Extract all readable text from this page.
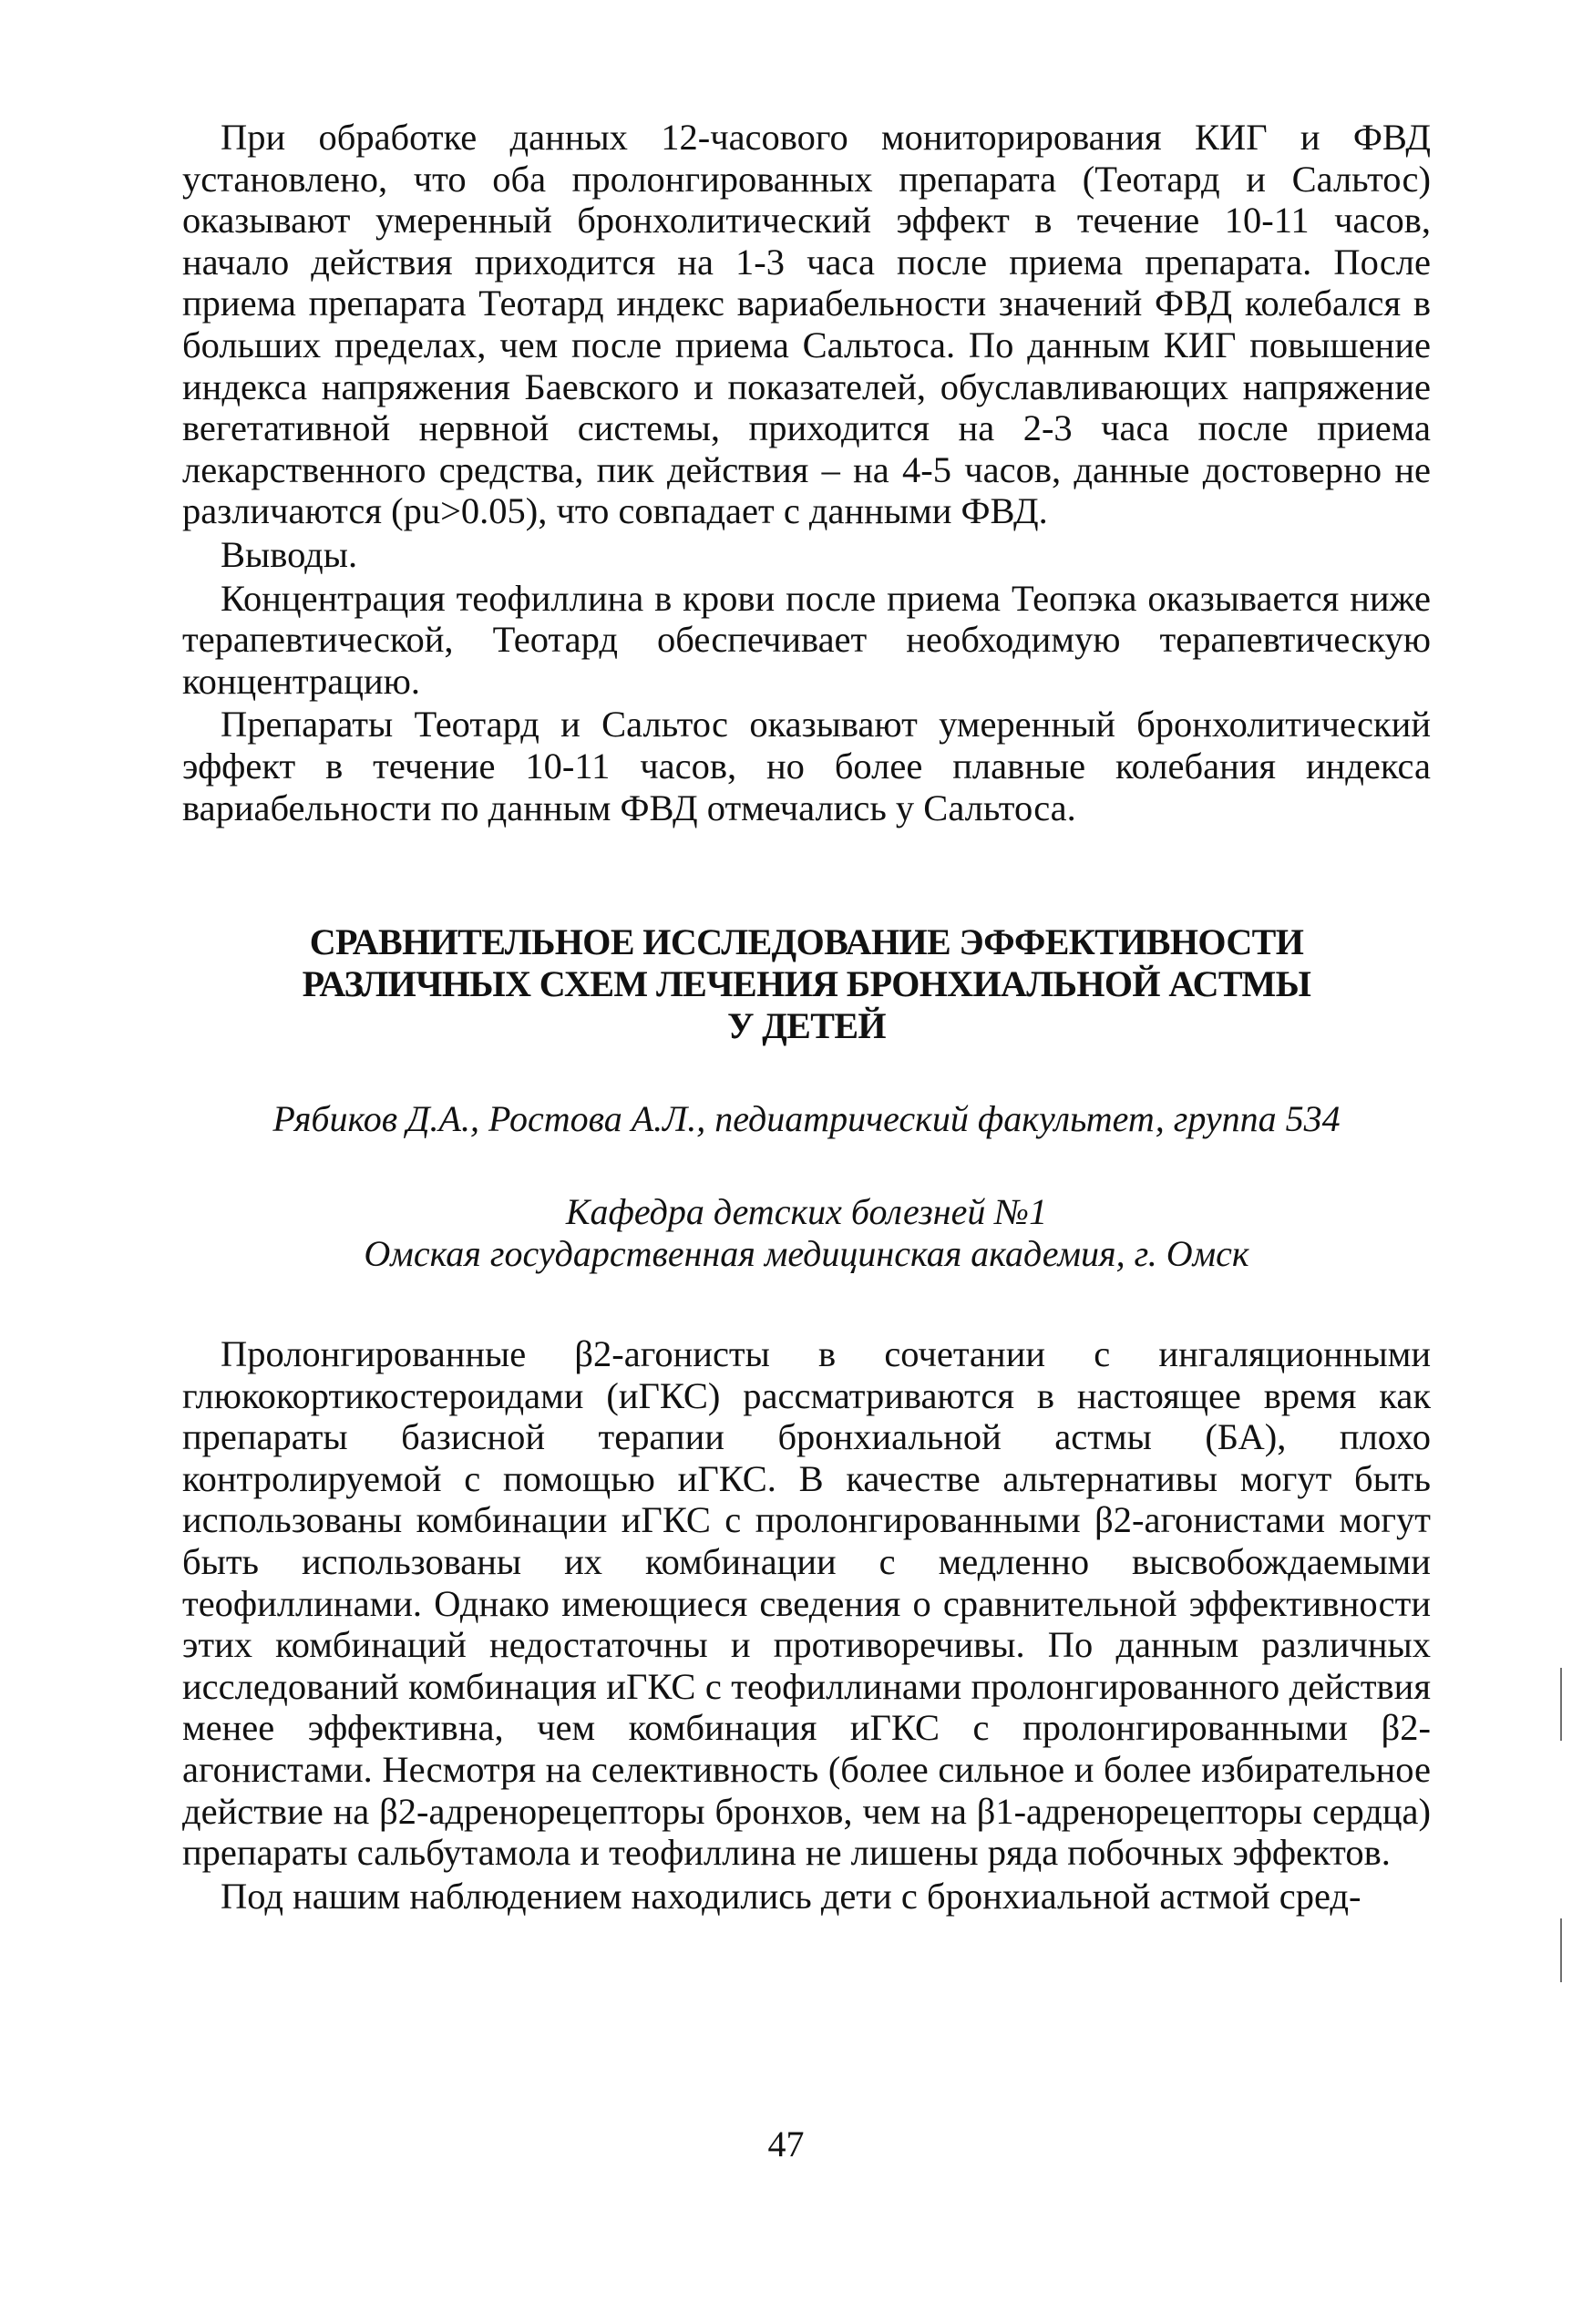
При обработке данных 12-часового мониторирования КИГ и ФВД установлено, что оба пролонгированных препарата (Теотард и Сальтос) оказывают умеренный бронхолитический эффект в течение 10-11 часов, начало действия приходится на 1-3 часа после приема препарата. После приема препарата Теотард индекс вариабельности значений ФВД колебался в больших пределах, чем после приема Сальтоса. По данным КИГ повышение индекса напряжения Баевского и показателей, обуславливающих напряжение вегетативной нервной системы, приходится на 2-3 часа после приема лекарственного средства, пик действия – на 4-5 часов, данные достоверно не различаются (pu>0.05), что совпадает с данными ФВД.

Выводы.

Концентрация теофиллина в крови после приема Теопэка оказывается ниже терапевтической, Теотард обеспечивает необходимую терапевтическую концентрацию.

Препараты Теотард и Сальтос оказывают умеренный бронхолитический эффект в течение 10-11 часов, но более плавные колебания индекса вариабельности по данным ФВД отмечались у Сальтоса.

СРАВНИТЕЛЬНОЕ ИССЛЕДОВАНИЕ ЭФФЕКТИВНОСТИ
РАЗЛИЧНЫХ СХЕМ ЛЕЧЕНИЯ БРОНХИАЛЬНОЙ АСТМЫ
У ДЕТЕЙ

Рябиков Д.А., Ростова А.Л., педиатрический факультет, группа 534

Кафедра детских болезней №1
Омская государственная медицинская академия, г. Омск

Пролонгированные β2-агонисты в сочетании с ингаляционными глюкокортикостероидами (иГКС) рассматриваются в настоящее время как препараты базисной терапии бронхиальной астмы (БА), плохо контролируемой с помощью иГКС. В качестве альтернативы могут быть использованы комбинации иГКС с пролонгированными β2-агонистами могут быть использованы их комбинации с медленно высвобождаемыми теофиллинами. Однако имеющиеся сведения о сравнительной эффективности этих комбинаций недостаточны и противоречивы. По данным различных исследований комбинация иГКС с теофиллинами пролонгированного действия менее эффективна, чем комбинация иГКС с пролонгированными β2-агонистами. Несмотря на селективность (более сильное и более избирательное действие на β2-адренорецепторы бронхов, чем на β1-адренорецепторы сердца) препараты сальбутамола и теофиллина не лишены ряда побочных эффектов.

Под нашим наблюдением находились дети с бронхиальной астмой сред-

47
